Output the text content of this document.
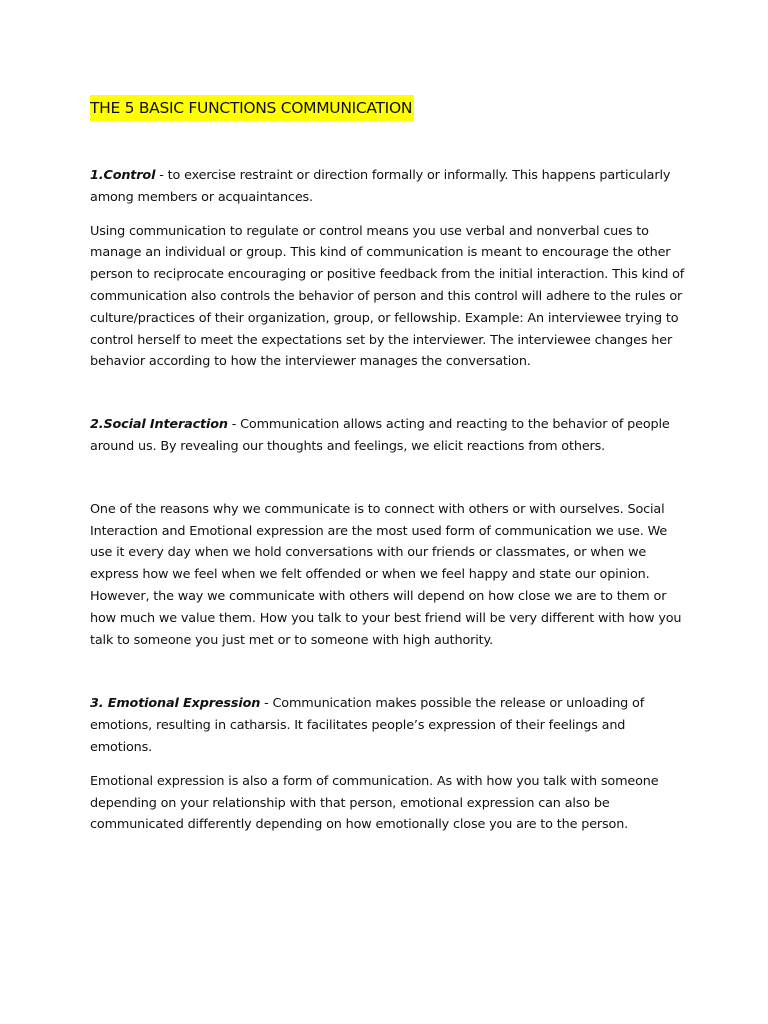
THE 5 BASIC FUNCTIONS COMMUNICATION

1.Control - to exercise restraint or direction formally or informally. This happens particularly among members or acquaintances.

Using communication to regulate or control means you use verbal and nonverbal cues to manage an individual or group. This kind of communication is meant to encourage the other person to reciprocate encouraging or positive feedback from the initial interaction. This kind of communication also controls the behavior of person and this control will adhere to the rules or culture/practices of their organization, group, or fellowship. Example: An interviewee trying to control herself to meet the expectations set by the interviewer. The interviewee changes her behavior according to how the interviewer manages the conversation.

2.Social Interaction - Communication allows acting and reacting to the behavior of people around us. By revealing our thoughts and feelings, we elicit reactions from others.

One of the reasons why we communicate is to connect with others or with ourselves. Social Interaction and Emotional expression are the most used form of communication we use. We use it every day when we hold conversations with our friends or classmates, or when we express how we feel when we felt offended or when we feel happy and state our opinion. However, the way we communicate with others will depend on how close we are to them or how much we value them. How you talk to your best friend will be very different with how you talk to someone you just met or to someone with high authority.

3. Emotional Expression - Communication makes possible the release or unloading of emotions, resulting in catharsis. It facilitates people’s expression of their feelings and emotions.

Emotional expression is also a form of communication. As with how you talk with someone depending on your relationship with that person, emotional expression can also be communicated differently depending on how emotionally close you are to the person.
